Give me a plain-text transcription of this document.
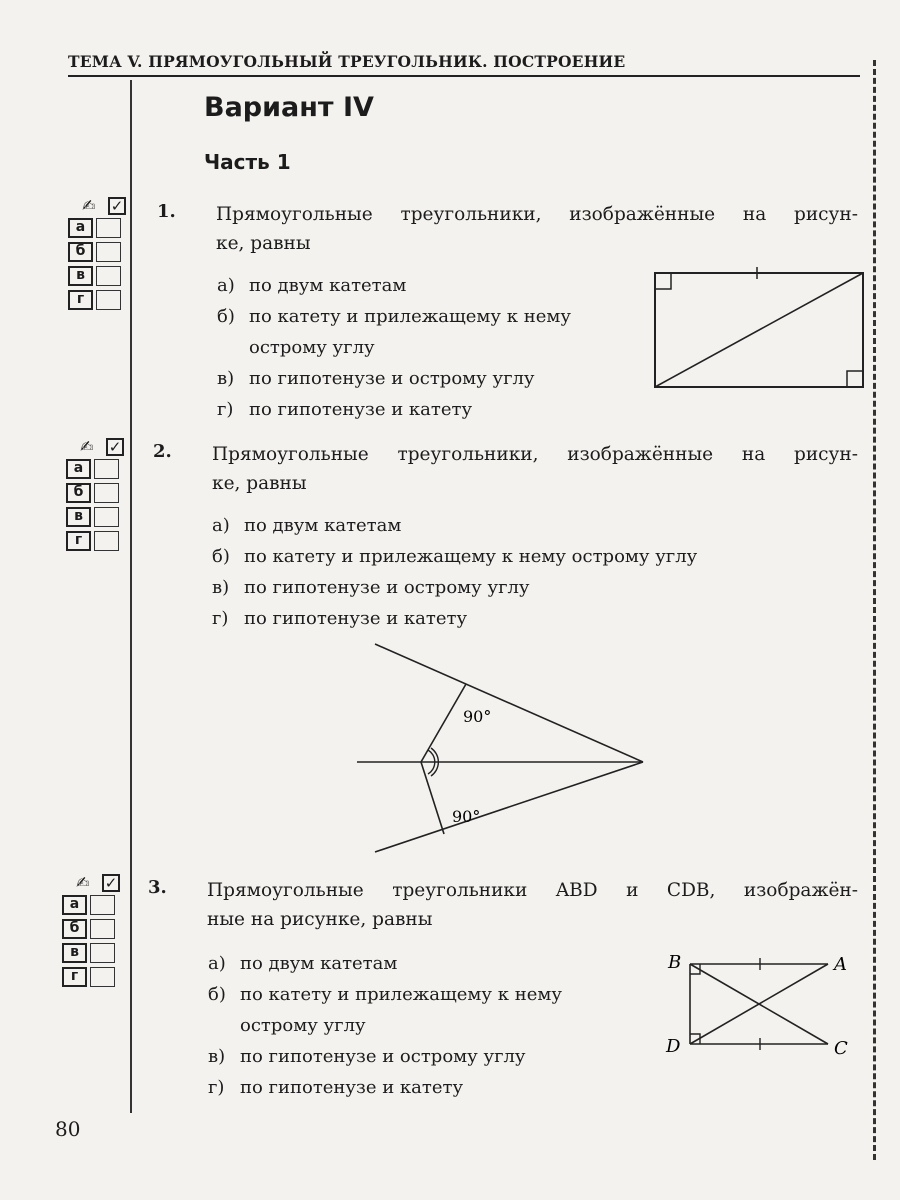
ТЕМА V. ПРЯМОУГОЛЬНЫЙ ТРЕУГОЛЬНИК. ПОСТРОЕНИЕ
Вариант IV
Часть 1
✍ ✓
а
б
в
г
1. Прямоугольные треугольники, изображённые на рисун-
ке, равны
а) по двум катетам
б) по катету и прилежащему к нему
острому углу
в) по гипотенузе и острому углу
г) по гипотенузе и катету
✍ ✓
а
б
в
г
2. Прямоугольные треугольники, изображённые на рисун-
ке, равны
а) по двум катетам
б) по катету и прилежащему к нему острому углу
в) по гипотенузе и острому углу
г) по гипотенузе и катету
90°
90°
✍ ✓
а
б
в
г
3. Прямоугольные треугольники ABD и CDB, изображён-
ные на рисунке, равны
а) по двум катетам
б) по катету и прилежащему к нему
острому углу
в) по гипотенузе и острому углу
г) по гипотенузе и катету
B	A
D	C
80
